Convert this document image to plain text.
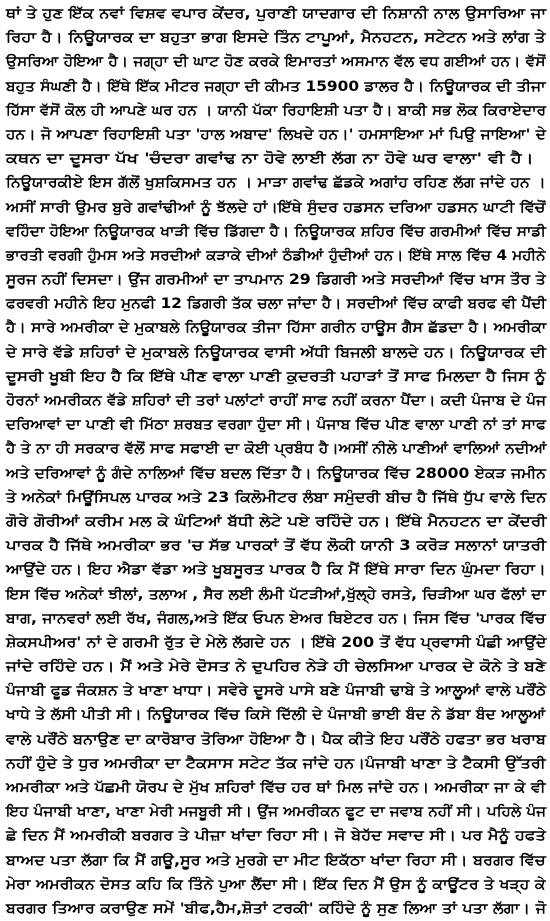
ਥਾਂ ਤੇ ਹੁਣ ਇੱਕ ਨਵਾਂ ਵਿਸ਼ਵ ਵਪਾਰ ਕੇਂਦਰ, ਪੁਰਾਣੀ ਯਾਦਗਾਰ ਦੀ ਨਿਸ਼ਾਨੀ ਨਾਲ ਉਸਾਰਿਆ ਜਾ
ਰਿਹਾ ਹੈ। ਨਿਊਯਾਰਕ ਦਾ ਬਹੁਤਾ ਭਾਗ ਇਸਦੇ ਤਿੰਨ ਟਾਪੂਆਂ, ਮੈਨਹਟਨ, ਸਟੇਟਨ ਅਤੇ ਲਾਂਗ ਤੇ
ਉਸਰਿਆ ਹੋਇਆ ਹੈ। ਜਗ੍ਹਾ ਦੀ ਘਾਟ ਹੋਣ ਕਰਕੇ ਇਮਾਰਤਾਂ ਅਸਮਾਨ ਵੱਲ ਵਧ ਗਈਆਂ ਹਨ। ਵੱਸੋਂ
ਬਹੁਤ ਸੰਘਣੀ ਹੈ। ਇੱਥੇ ਇੱਕ ਮੀਟਰ ਜਗ੍ਹਾ ਦੀ ਕੀਮਤ 15900 ਡਾਲਰ ਹੈ। ਨਿਊਯਾਰਕ ਦੀ ਤੀਜਾ
ਹਿੱਸਾ ਵੱਸੋਂ ਕੋਲ ਹੀ ਆਪਣੇ ਘਰ ਹਨ । ਯਾਨੀ ਪੱਕਾ ਰਿਹਾਇਸ਼ੀ ਪਤਾ ਹੈ। ਬਾਕੀ ਸਭ ਲੋਕ ਕਿਰਾਏਦਾਰ
ਹਨ। ਜੋ ਆਪਣਾ ਰਿਹਾਇਸ਼ੀ ਪਤਾ 'ਹਾਲ ਅਬਾਦ' ਲਿਖਦੇ ਹਨ।' ਹਮਸਾਇਆ ਮਾਂ ਪਿਉ ਜਾਇਆ' ਦੇ
ਕਥਨ ਦਾ ਦੂਸਰਾ ਪੱਖ 'ਚੰਦਰਾ ਗਵਾਂਢ ਨਾ ਹੋਵੇ ਲਾਈ ਲੱਗ ਨਾ ਹੋਵੇ ਘਰ ਵਾਲਾ' ਵੀ ਹੈ।
ਨਿਊਯਾਰਕੀਏ ਇਸ ਗੱਲੋਂ ਖੁਸ਼ਕਿਸਮਤ ਹਨ । ਮਾੜਾ ਗਵਾਂਢ ਛੱਡਕੇ ਅਗਾਂਹ ਰਹਿਣ ਲੱਗ ਜਾਂਦੇ ਹਨ ।
ਅਸੀਂ ਸਾਰੀ ਉਮਰ ਬੁਰੇ ਗਵਾਂਢੀਆਂ ਨੂੰ ਝੱਲਦੇ ਹਾਂ।ਇੱਥੇ ਸੁੰਦਰ ਹਡਸਨ ਦਰਿਆ ਹਡਸਨ ਘਾਟੀ ਵਿੱਚੋਂ
ਵਹਿੰਦਾ ਹੋਇਆ ਨਿਊਯਾਰਕ ਖਾੜੀ ਵਿੱਚ ਡਿੱਗਦਾ ਹੈ। ਨਿਊਯਾਰਕ ਸ਼ਹਿਰ ਵਿੱਚ ਗਰਮੀਆਂ ਵਿੱਚ ਸਾਡੀ
ਭਾਰਤੀ ਵਰਗੀ ਹੁੰਮਸ ਅਤੇ ਸਰਦੀਆਂ ਕੜਾਕੇ ਦੀਆਂ ਠੰਡੀਆਂ ਹੁੰਦੀਆਂ ਹਨ। ਇੱਥੇ ਸਾਲ ਵਿੱਚ 4 ਮਹੀਨੇ
ਸੂਰਜ ਨਹੀਂ ਦਿਸਦਾ। ਉਂਜ ਗਰਮੀਆਂ ਦਾ ਤਾਪਮਾਨ 29 ਡਿਗਰੀ ਅਤੇ ਸਰਦੀਆਂ ਵਿੱਚ ਖਾਸ ਤੌਰ ਤੇ
ਫਰਵਰੀ ਮਹੀਨੇ ਇਹ ਮੁਨਫੀ 12 ਡਿਗਰੀ ਤੱਕ ਚਲਾ ਜਾਂਦਾ ਹੈ। ਸਰਦੀਆਂ ਵਿੱਚ ਕਾਫੀ ਬਰਫ ਵੀ ਪੈਂਦੀ
ਹੈ। ਸਾਰੇ ਅਮਰੀਕਾ ਦੇ ਮੁਕਾਬਲੇ ਨਿਊਯਾਰਕ ਤੀਜਾ ਹਿੱਸਾ ਗਰੀਨ ਹਾਊਸ ਗੈਸ ਛੱਡਦਾ ਹੈ। ਅਮਰੀਕਾ
ਦੇ ਸਾਰੇ ਵੱਡੇ ਸ਼ਹਿਰਾਂ ਦੇ ਮੁਕਾਬਲੇ ਨਿਊਯਾਰਕ ਵਾਸੀ ਅੱਧੀ ਬਿਜਲੀ ਬਾਲਦੇ ਹਨ। ਨਿਊਯਾਰਕ ਦੀ
ਦੂਸਰੀ ਖੂਬੀ ਇਹ ਹੈ ਕਿ ਇੱਥੇ ਪੀਣ ਵਾਲਾ ਪਾਣੀ ਕੁਦਰਤੀ ਪਹਾੜਾਂ ਤੋਂ ਸਾਫ ਮਿਲਦਾ ਹੈ ਜਿਸ ਨੂੰ
ਹੋਰਨਾਂ ਅਮਰੀਕਨ ਵੱਡੇ ਸ਼ਹਿਰਾਂ ਦੀ ਤਰਾਂ ਪਲਾਂਟਾਂ ਰਾਹੀਂ ਸਾਫ ਨਹੀਂ ਕਰਨਾ ਪੈਂਦਾ। ਕਦੀ ਪੰਜਾਬ ਦੇ ਪੰਜ
ਦਰਿਆਵਾਂ ਦਾ ਪਾਣੀ ਵੀ ਮਿੱਠਾ ਸ਼ਰਬਤ ਵਰਗਾ ਹੁੰਦਾ ਸੀ। ਪੰਜਾਬ ਵਿੱਚ ਪੀਣ ਵਾਲਾ ਪਾਣੀ ਨਾਂ ਤਾਂ ਸਾਫ
ਹੈ ਤੇ ਨਾ ਹੀ ਸਰਕਾਰ ਵੱਲੋਂ ਸਾਫ ਸਫਾਈ ਦਾ ਕੋਈ ਪ੍ਰਬੰਧ ਹੈ।ਅਸੀਂ ਨੀਲੇ ਪਾਣੀਆਂ ਵਾਲਿਆਂ ਨਦੀਆਂ
ਅਤੇ ਦਰਿਆਵਾਂ ਨੂੰ ਗੰਦੇ ਨਾਲਿਆਂ ਵਿੱਚ ਬਦਲ ਦਿੱਤਾ ਹੈ। ਨਿਊਯਾਰਕ ਵਿੱਚ 28000 ਏਕੜ ਜਮੀਨ
ਤੇ ਅਨੇਕਾਂ ਮਿਊਂਸਿਪਲ ਪਾਰਕ ਅਤੇ 23 ਕਿਲੋਮੀਟਰ ਲੰਬਾ ਸਮੁੰਦਰੀ ਬੀਚ ਹੈ ਜਿੱਥੇ ਧੁੱਪ ਵਾਲੇ ਦਿਨ
ਗੋਰੇ ਗੋਰੀਆਂ ਕਰੀਮ ਮਲ ਕੇ ਘੰਟਿਆਂ ਬੱਧੀ ਲੇਟੇ ਪਏ ਰਹਿੰਦੇ ਹਨ। ਇੱਥੇ ਮੈਨਹਟਨ ਦਾ ਕੇਂਦਰੀ
ਪਾਰਕ ਹੈ ਜਿੱਥੇ ਅਮਰੀਕਾ ਭਰ 'ਚ ਸੱਭ ਪਾਰਕਾਂ ਤੋਂ ਵੱਧ ਲੋਕੀ ਯਾਨੀ 3 ਕਰੋੜ ਸਲਾਨਾਂ ਯਾਤਰੀ
ਆਉਂਦੇ ਹਨ। ਇਹ ਐਡਾ ਵੱਡਾ ਅਤੇ ਖੂਬਸੂਰਤ ਪਾਰਕ ਹੈ ਕਿ ਮੈਂ ਇੱਥੇ ਸਾਰਾ ਦਿਨ ਘੁੰਮਦਾ ਰਿਹਾ।
ਇਸ ਵਿੱਚ ਅਨੇਕਾਂ ਝੀਲਾਂ, ਤਲਾਅ , ਸੈਰ ਲਈ ਲੰਮੀ ਪੱਟੜੀਆਂ,ਖੁੱਲ੍ਹੇ ਰਸਤੇ, ਚਿੜੀਆ ਘਰ ਫੱਲਾਂ ਦਾ
ਬਾਗ, ਜਾਨਵਰਾਂ ਲਈ ਰੱਖ, ਜੰਗਲ,ਅਤੇ ਇੱਕ ਓਪਨ ਏਅਰ ਥਿਏਟਰ ਹਨ। ਜਿਸ ਵਿੱਚ 'ਪਾਰਕ ਵਿੱਚ
ਸ਼ੇਕਸਪੀਅਰ' ਨਾਂ ਦੇ ਗਰਮੀ ਰੁੱਤ ਦੇ ਮੇਲੇ ਲੱਗਦੇ ਹਨ । ਇੱਥੇ 200 ਤੋਂ ਵੱਧ ਪ੍ਰਵਾਸੀ ਪੰਛੀ ਆਉਂਦੇ
ਜਾਂਦੇ ਰਹਿੰਦੇ ਹਨ। ਮੈਂ ਅਤੇ ਮੇਰੇ ਦੋਸਤ ਨੇ ਦੁਪਹਿਰ ਨੇੜੇ ਹੀ ਚੇਲਸਿਆ ਪਾਰਕ ਦੇ ਕੋਨੇ ਤੇ ਬਣੇ
ਪੰਜਾਬੀ ਫੂਡ ਜੰਕਸ਼ਨ ਤੇ ਖਾਣਾ ਖਾਧਾ। ਸਵੇਰੇ ਦੂਸਰੇ ਪਾਸੇ ਬਣੇ ਪੰਜਾਬੀ ਢਾਬੇ ਤੇ ਆਲੂਆਂ ਵਾਲੇ ਪਰੌਂਠੇ
ਖਾਧੇ ਤੇ ਲੱਸੀ ਪੀਤੀ ਸੀ। ਨਿਊਯਾਰਕ ਵਿੱਚ ਕਿਸੇ ਦਿੱਲੀ ਦੇ ਪੰਜਾਬੀ ਭਾਈ ਬੰਦ ਨੇ ਡੱਬਾ ਬੰਦ ਆਲੂਆਂ
ਵਾਲੇ ਪਰੌਂਠੇ ਬਨਾਉਣ ਦਾ ਕਾਰੋਬਾਰ ਤੋਰਿਆ ਹੋਇਆ ਹੈ। ਪੈਕ ਕੀਤੇ ਇਹ ਪਰੌਂਠੇ ਹਫਤਾ ਭਰ ਖਰਾਬ
ਨਹੀਂ ਹੁੰਦੇ ਤੇ ਧੁਰ ਅਮਰੀਕਾ ਦਾ ਟੈਕਸਾਸ ਸਟੇਟ ਤੱਕ ਜਾਂਦੇ ਹਨ।ਪੰਜਾਬੀ ਖਾਣਾ ਤੇ ਟੈਕਸੀ ਉੱਤਰੀ
ਅਮਰੀਕਾ ਅਤੇ ਪੱਛਮੀ ਯੋਰਪ ਦੇ ਮੁੱਖ ਸ਼ਹਿਰਾਂ ਵਿੱਚ ਹਰ ਥਾਂ ਮਿਲ ਜਾਂਦੇ ਹਨ। ਅਮਰੀਕਾ ਜਾ ਕੇ ਵੀ
ਇਹ ਪੰਜਾਬੀ ਖਾਣਾ, ਖਾਣਾ ਮੇਰੀ ਮਜਬੂਰੀ ਸੀ। ਉਂਜ ਅਮਰੀਕਨ ਫੂਟ ਦਾ ਜਵਾਬ ਨਹੀਂ ਸੀ। ਪਹਿਲੇ ਪੰਜ
ਛੇ ਦਿਨ ਮੈਂ ਅਮਰੀਕੀ ਬਰਗਰ ਤੇ ਪੀਜ਼ਾ ਖਾਂਦਾ ਰਿਹਾ ਸੀ। ਜੋ ਬੇਹੱਦ ਸਵਾਦ ਸੀ। ਪਰ ਮੈਨੂੰ ਹਫਤੇ
ਬਾਅਦ ਪਤਾ ਲੱਗਾ ਕਿ ਮੈਂ ਗਊ,ਸੂਰ ਅਤੇ ਮੁਰਗੇ ਦਾ ਮੀਟ ਇਕੱਠਾ ਖਾਂਦਾ ਰਿਹਾ ਸੀ। ਬਰਗਰ ਵਿੱਚ
ਮੇਰਾ ਅਮਰੀਕਨ ਦੋਸਤ ਕਹਿ ਕਿ ਤਿੰਨੇ ਪੁਆ ਲੈਂਦਾ ਸੀ। ਇੱਕ ਦਿਨ ਮੈਂ ਉਸ ਨੂੰ ਕਾਊਂਟਰ ਤੇ ਖੜ੍ਹ ਕੇ
ਬਰਗਰ ਤਿਆਰ ਕਰਾਉਣ ਸਮੇਂ 'ਬੀਫ,ਹੈਮ,ਸ਼ੋਤਾਂ ਟਰਕੀ' ਕਹਿੰਦੇ ਨੂੰ ਸੁਣ ਲਿਆ ਤਾਂ ਪਤਾ ਲੱਗਾ। ਜੋ
